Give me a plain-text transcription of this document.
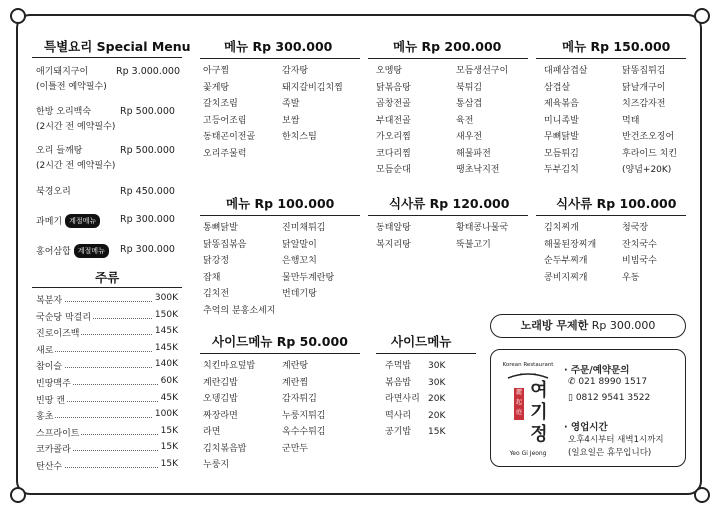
특별요리 Special Menu
애기돼지구이	Rp 3.000.000
(이틀전 예약필수)
한방 오리백숙	Rp 500.000
(2시간 전 예약필수)
오리 들깨탕	Rp 500.000
(2시간 전 예약필수)
북경오리	Rp 450.000
과메기 계절메뉴	Rp 300.000
홍어삼합 계절메뉴	Rp 300.000
주류
복분자	300K
국순당 막걸리	150K
진로이즈백	145K
새로	145K
참이슬	140K
빈땅맥주	60K
빈땅 캔	45K
홍초	100K
스프라이트	15K
코카콜라	15K
탄산수	15K
메뉴 Rp 300.000
아구찜
꽃게탕
갈치조림
고등어조림
동태곤이전골
오리주물럭
감자탕
돼지갈비김치찜
족발
보쌈
한치스팀
메뉴 Rp 200.000
오멩탕
닭볶음탕
곱창전골
부대전골
가오리찜
코다리찜
모듬순대
모듬생선구이
북튀김
통삼겹
육전
새우전
해물파전
땡초낙지전
메뉴 Rp 150.000
대패삼겹살
삼겹살
제육볶음
미니족발
무뼈닭발
모듬튀김
두부김치
닭똥집튀김
닭날개구이
치즈감자전
먹태
반건조오징어
후라이드 치킨
(양념+20K)
메뉴 Rp 100.000
통뼈닭발
닭똥집볶음
닭강정
잡채
김치전
추억의 분홍소세지
진미채튀김
닭알말이
은행꼬치
물만두계란탕
번데기탕
식사류 Rp 120.000
동태알탕
복지리탕
황태콩나물국
뚝불고기
식사류 Rp 100.000
김치찌개
해물된장찌개
순두부찌개
콩비지찌개
청국장
잔치국수
비빔국수
우동
사이드메뉴 Rp 50.000
치킨마요덮밥
계란김밥
오뎅김밥
짜장라면
라면
김치볶음밥
누룽지
계란탕
계란찜
감자튀김
누룽지튀김
옥수수튀김
군만두
사이드메뉴
주먹밥 30K
볶음밥 30K
라면사리 20K
떡사리 20K
공기밥 15K
노래방 무제한 Rp 300.000
Korean Restaurant
麗起庭
여기정
Yeo Gi Jeong
· 주문/예약문의
✆ 021 8990 1517
▯ 0812 9541 3522
· 영업시간
오후4시부터 새벽1시까지
(일요일은 휴무입니다)
